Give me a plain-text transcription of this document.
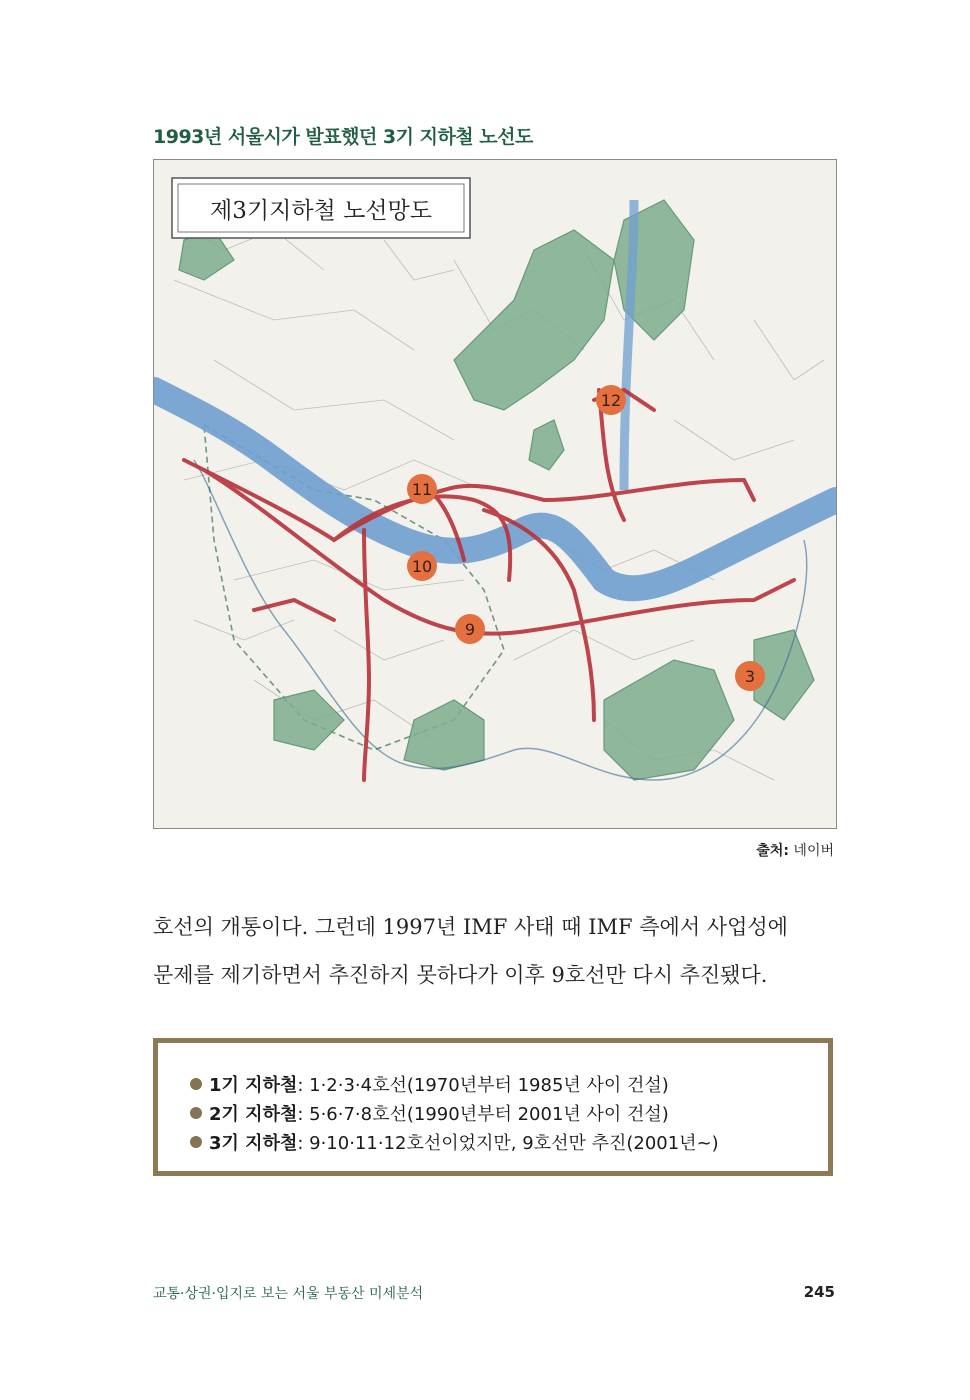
1993년 서울시가 발표했던 3기 지하철 노선도
제3기지하철 노선망도
12
11
10
9
3
출처: 네이버

호선의 개통이다. 그런데 1997년 IMF 사태 때 IMF 측에서 사업성에

문제를 제기하면서 추진하지 못하다가 이후 9호선만 다시 추진됐다.

1기 지하철: 1·2·3·4호선(1970년부터 1985년 사이 건설)
2기 지하철: 5·6·7·8호선(1990년부터 2001년 사이 건설)
3기 지하철: 9·10·11·12호선이었지만, 9호선만 추진(2001년~)
교통·상권·입지로 보는 서울 부동산 미세분석	245
